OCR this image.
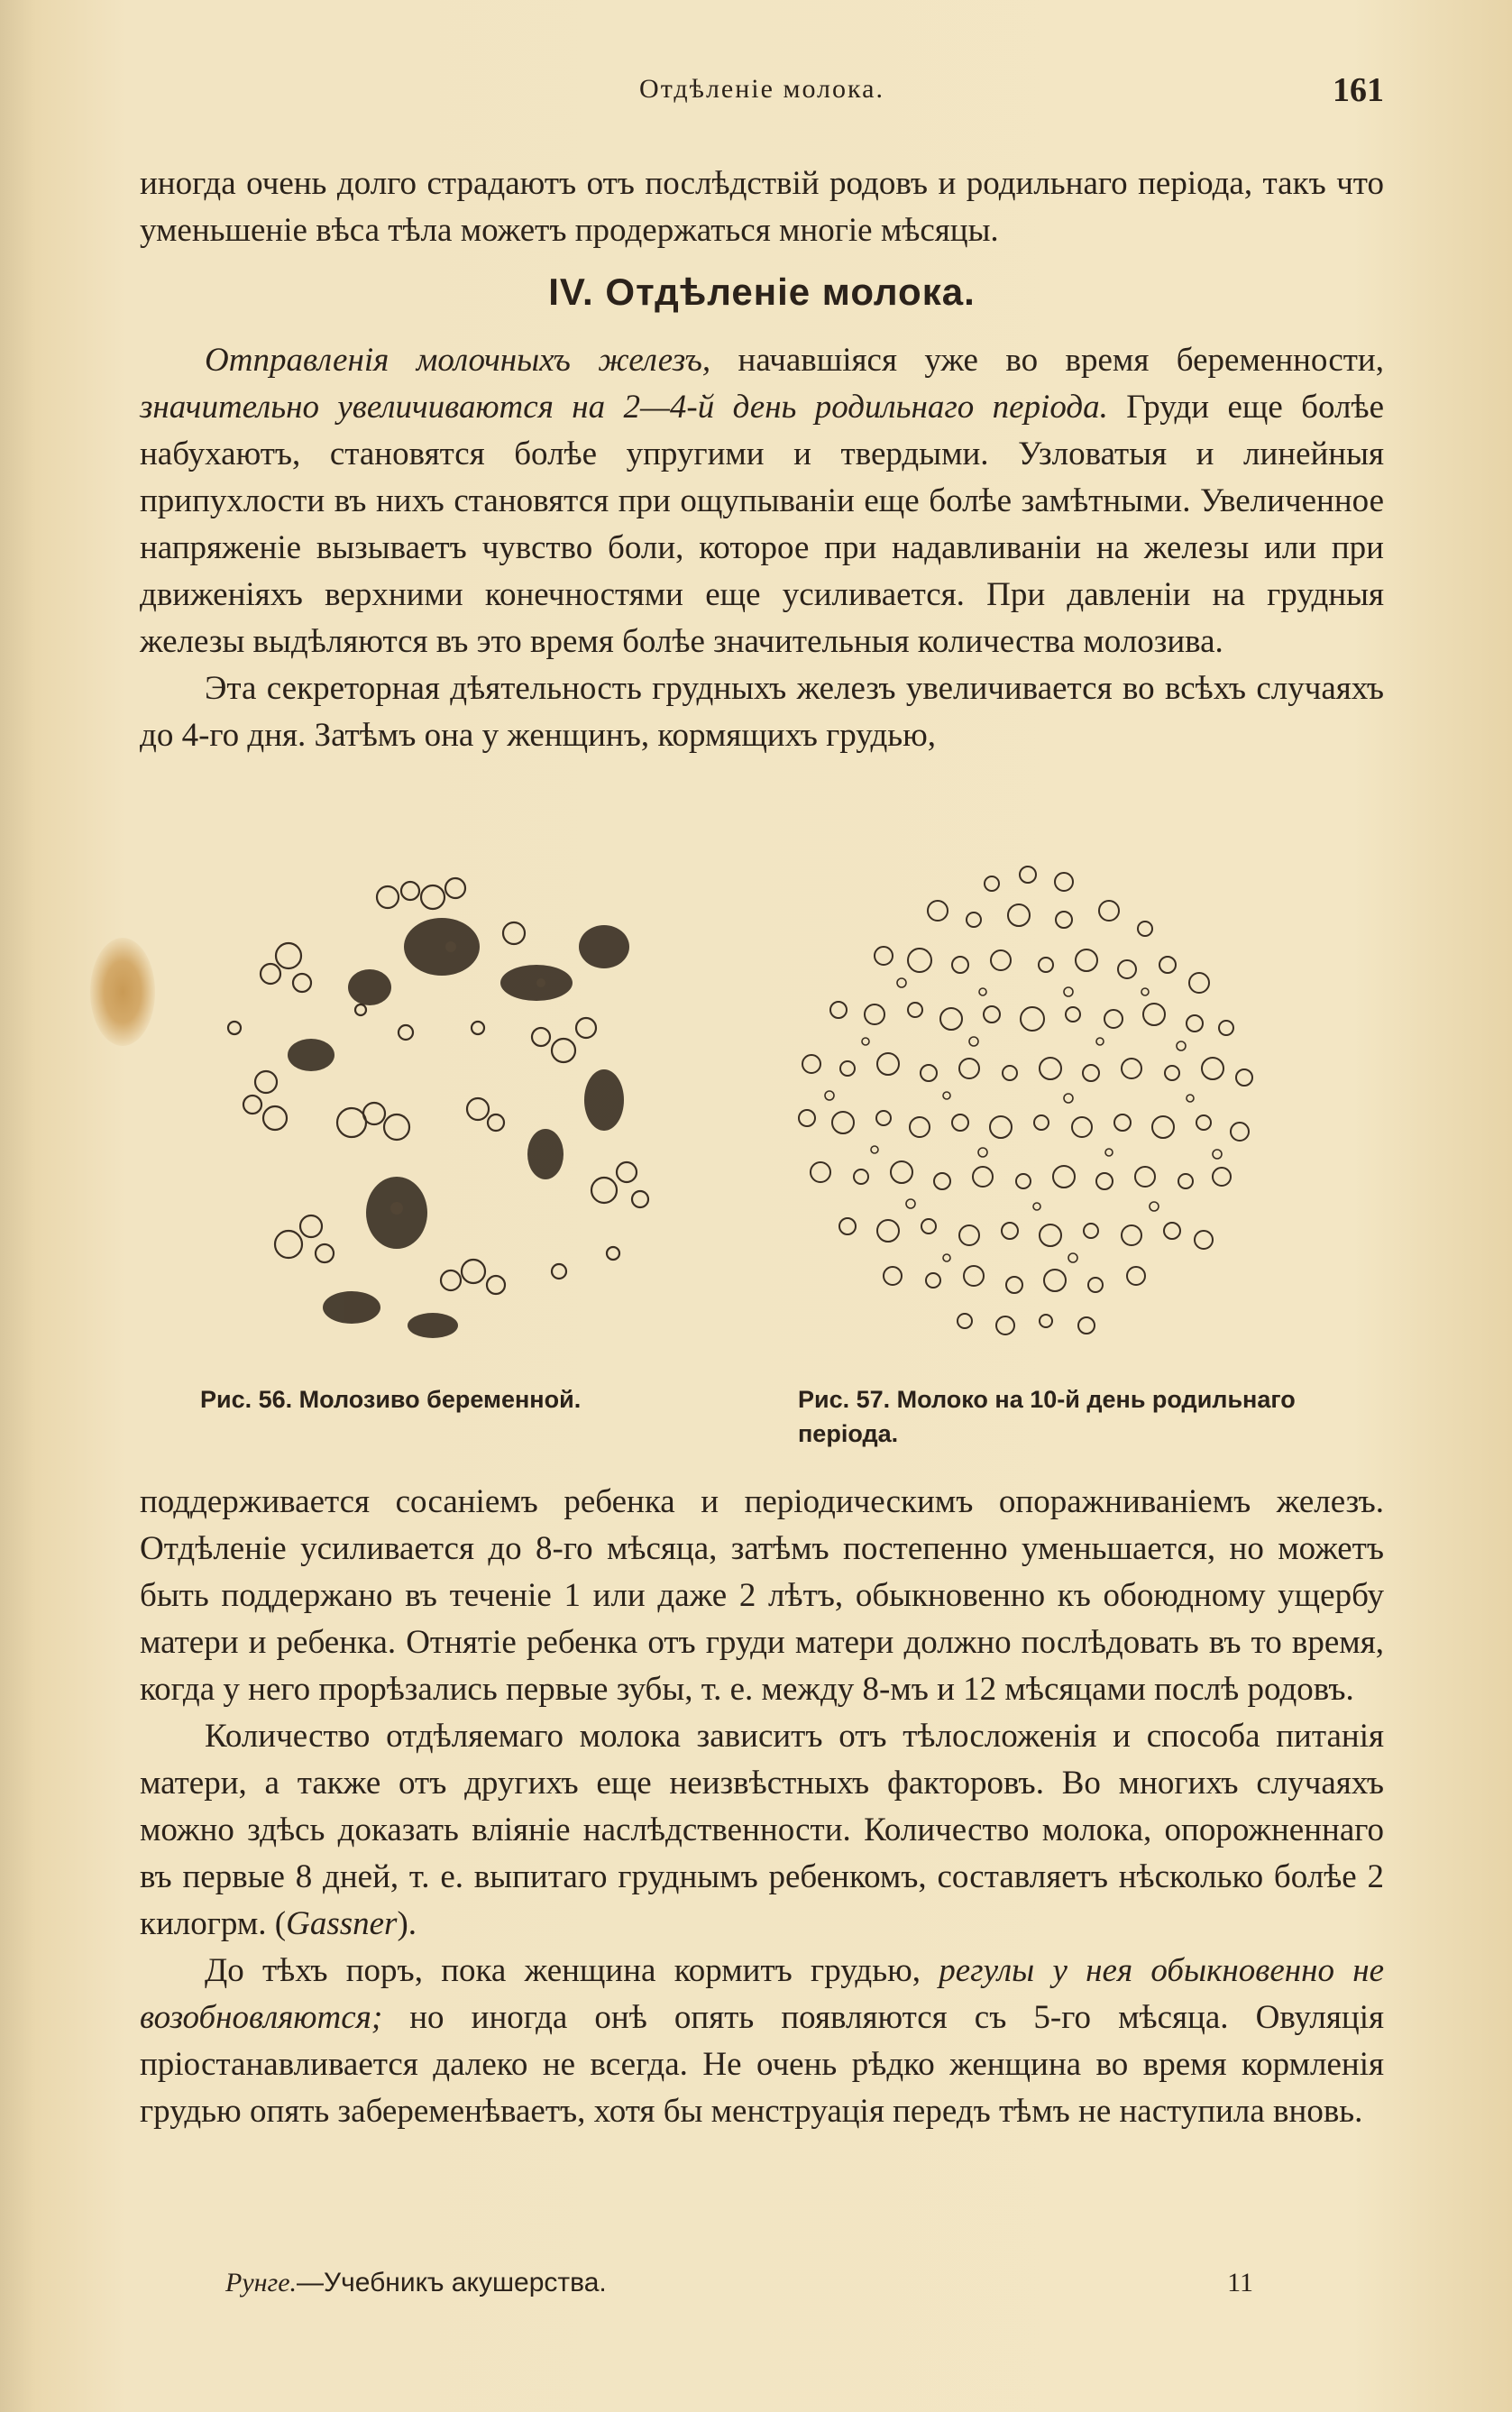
Отдѣленіе молока.	161

иногда очень долго страдаютъ отъ послѣдствій родовъ и родильнаго періода, такъ что уменьшеніе вѣса тѣла можетъ продержаться многіе мѣсяцы.

IV. Отдѣленіе молока.

Отправленія молочныхъ железъ, начавшіяся уже во время беременности, значительно увеличиваются на 2—4-й день родильнаго періода. Груди еще болѣе набухаютъ, становятся болѣе упругими и твердыми. Узловатыя и линейныя припухлости въ нихъ становятся при ощупываніи еще болѣе замѣтными. Увеличенное напряженіе вызываетъ чувство боли, которое при надавливаніи на железы или при движеніяхъ верхними конечностями еще усиливается. При давленіи на грудныя железы выдѣляются въ это время болѣе значительныя количества молозива.

Эта секреторная дѣятельность грудныхъ железъ увеличивается во всѣхъ случаяхъ до 4-го дня. Затѣмъ она у женщинъ, кормящихъ грудью,

Рис. 56. Молозиво беременной.	Рис. 57. Молоко на 10-й день родильнаго періода.

поддерживается сосаніемъ ребенка и періодическимъ опоражниваніемъ железъ. Отдѣленіе усиливается до 8-го мѣсяца, затѣмъ постепенно уменьшается, но можетъ быть поддержано въ теченіе 1 или даже 2 лѣтъ, обыкновенно къ обоюдному ущербу матери и ребенка. Отнятіе ребенка отъ груди матери должно послѣдовать въ то время, когда у него прорѣзались первые зубы, т. е. между 8-мъ и 12 мѣсяцами послѣ родовъ.

Количество отдѣляемаго молока зависитъ отъ тѣлосложенія и способа питанія матери, а также отъ другихъ еще неизвѣстныхъ факторовъ. Во многихъ случаяхъ можно здѣсь доказать вліяніе наслѣдственности. Количество молока, опорожненнаго въ первые 8 дней, т. е. выпитаго груднымъ ребенкомъ, составляетъ нѣсколько болѣе 2 килогрм. (Gassner).

До тѣхъ поръ, пока женщина кормитъ грудью, регулы у нея обыкновенно не возобновляются; но иногда онѣ опять появляются съ 5-го мѣсяца. Овуляція пріостанавливается далеко не всегда. Не очень рѣдко женщина во время кормленія грудью опять забеременѣваетъ, хотя бы менструація передъ тѣмъ не наступила вновь.

Рунге.—Учебникъ акушерства.	11
